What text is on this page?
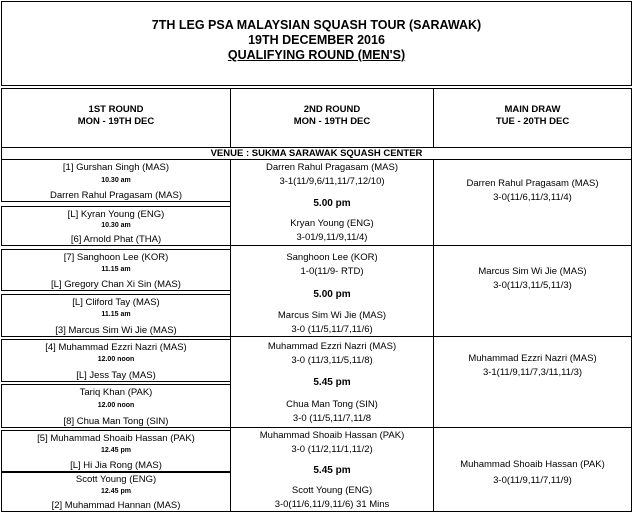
7TH LEG PSA MALAYSIAN SQUASH TOUR (SARAWAK)
19TH DECEMBER 2016
QUALIFYING ROUND (MEN'S)
1ST ROUND
MON - 19TH DEC
2ND ROUND
MON - 19TH DEC
MAIN DRAW
TUE - 20TH DEC
VENUE : SUKMA SARAWAK SQUASH CENTER
[1] Gurshan Singh (MAS)
10.30 am
Darren Rahul Pragasam (MAS)
[L] Kyran Young (ENG)
10.30 am
[6] Arnold Phat (THA)
Darren Rahul Pragasam (MAS)
3-1(11/9,6/11,11/7,12/10)
5.00 pm
Kryan Young (ENG)
3-01/9,11/9,11/4)
Darren Rahul Pragasam (MAS)
3-0(11/6,11/3,11/4)
[7] Sanghoon Lee (KOR)
11.15 am
[L] Gregory Chan Xi Sin (MAS)
[L] Cliford Tay (MAS)
11.15 am
[3] Marcus Sim Wi Jie (MAS)
Sanghoon Lee (KOR)
1-0(11/9- RTD)
5.00 pm
Marcus Sim Wi Jie (MAS)
3-0 (11/5,11/7,11/6)
Marcus Sim Wi Jie (MAS)
3-0(11/3,11/5,11/3)
[4] Muhammad Ezzri Nazri (MAS)
12.00 noon
[L] Jess Tay (MAS)
Tariq Khan (PAK)
12.00 noon
[8] Chua Man Tong (SIN)
Muhammad Ezzri Nazri (MAS)
3-0 (11/3,11/5,11/8)
5.45 pm
Chua Man Tong (SIN)
3-0 (11/5,11/7,11/8
Muhammad Ezzri Nazri (MAS)
3-1(11/9,11/7,3/11,11/3)
[5] Muhammad Shoaib Hassan (PAK)
12.45 pm
[L] Hi Jia Rong (MAS)
Scott Young (ENG)
12.45 pm
[2] Muhammad Hannan (MAS)
Muhammad Shoaib Hassan (PAK)
3-0 (11/2,11/1,11/2)
5.45 pm
Scott Young (ENG)
3-0(11/6,11/9,11/6) 31 Mins
Muhammad Shoaib Hassan (PAK)
3-0(11/9,11/7,11/9)
